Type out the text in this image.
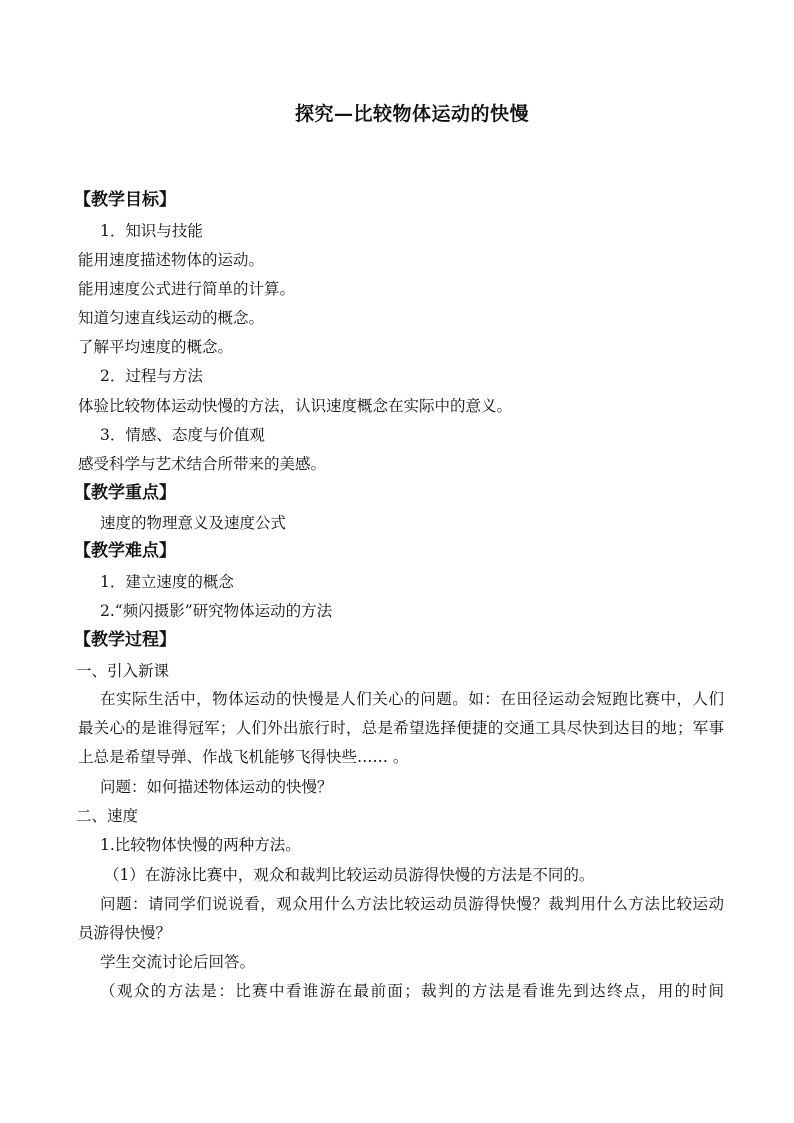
探究—比较物体运动的快慢
【教学目标】
1．知识与技能
能用速度描述物体的运动。
能用速度公式进行简单的计算。
知道匀速直线运动的概念。
了解平均速度的概念。
2．过程与方法
体验比较物体运动快慢的方法，认识速度概念在实际中的意义。
3．情感、态度与价值观
感受科学与艺术结合所带来的美感。
【教学重点】
速度的物理意义及速度公式
【教学难点】
1．建立速度的概念
2.“频闪摄影”研究物体运动的方法
【教学过程】
一、引入新课
在实际生活中，物体运动的快慢是人们关心的问题。如：在田径运动会短跑比赛中，人们
最关心的是谁得冠军；人们外出旅行时，总是希望选择便捷的交通工具尽快到达目的地；军事
上总是希望导弹、作战飞机能够飞得快些…… 。
问题：如何描述物体运动的快慢？
二、速度
1.比较物体快慢的两种方法。
（1）在游泳比赛中，观众和裁判比较运动员游得快慢的方法是不同的。
问题：请同学们说说看，观众用什么方法比较运动员游得快慢？裁判用什么方法比较运动
员游得快慢？
学生交流讨论后回答。
（观众的方法是：比赛中看谁游在最前面；裁判的方法是看谁先到达终点，用的时间
